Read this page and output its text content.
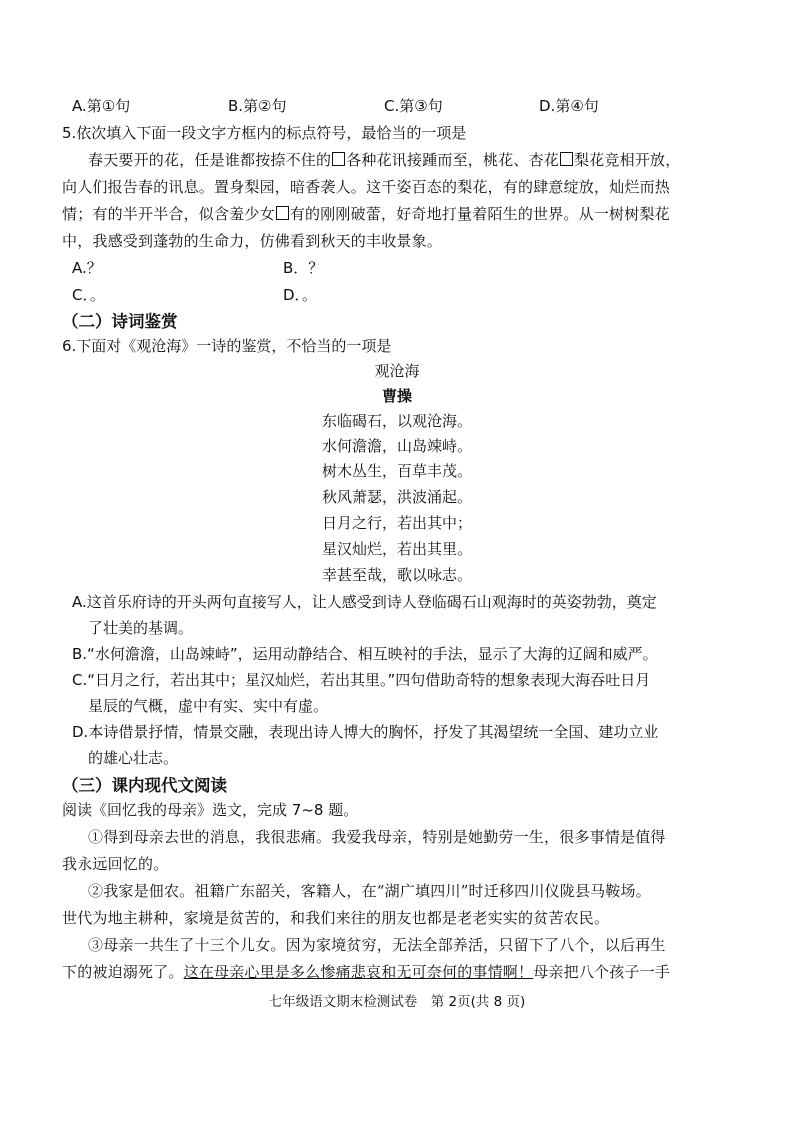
A.第①句	B.第②句	C.第③句	D.第④句
5.依次填入下面一段文字方框内的标点符号，最恰当的一项是
春天要开的花，任是谁都按捺不住的 各种花讯接踵而至，桃花、杏花 梨花竞相开放，
向人们报告春的讯息。置身梨园，暗香袭人。这千姿百态的梨花，有的肆意绽放，灿烂而热
情；有的半开半合，似含羞少女 有的刚刚破蕾，好奇地打量着陌生的世界。从一树树梨花
中，我感受到蓬勃的生命力，仿佛看到秋天的丰收景象。
A.？	B．？
C．。	D．。
（二）诗词鉴赏
6.下面对《观沧海》一诗的鉴赏，不恰当的一项是
观沧海
曹操
东临碣石，以观沧海。
水何澹澹，山岛竦峙。
树木丛生，百草丰茂。
秋风萧瑟，洪波涌起。
日月之行，若出其中；
星汉灿烂，若出其里。
幸甚至哉，歌以咏志。
A.这首乐府诗的开头两句直接写人，让人感受到诗人登临碣石山观海时的英姿勃勃，奠定
了壮美的基调。
B.“水何澹澹，山岛竦峙”，运用动静结合、相互映衬的手法，显示了大海的辽阔和威严。
C.“日月之行，若出其中；星汉灿烂，若出其里。”四句借助奇特的想象表现大海吞吐日月
星辰的气概，虚中有实、实中有虚。
D.本诗借景抒情，情景交融，表现出诗人博大的胸怀，抒发了其渴望统一全国、建功立业
的雄心壮志。
（三）课内现代文阅读
阅读《回忆我的母亲》选文，完成 7~8 题。
①得到母亲去世的消息，我很悲痛。我爱我母亲，特别是她勤劳一生，很多事情是值得
我永远回忆的。
②我家是佃农。祖籍广东韶关，客籍人，在“湖广填四川”时迁移四川仪陇县马鞍场。
世代为地主耕种，家境是贫苦的，和我们来往的朋友也都是老老实实的贫苦农民。
③母亲一共生了十三个儿女。因为家境贫穷，无法全部养活，只留下了八个，以后再生
下的被迫溺死了。这在母亲心里是多么惨痛悲哀和无可奈何的事情啊！母亲把八个孩子一手
七年级语文期末检测试卷　第 2页(共 8 页)
